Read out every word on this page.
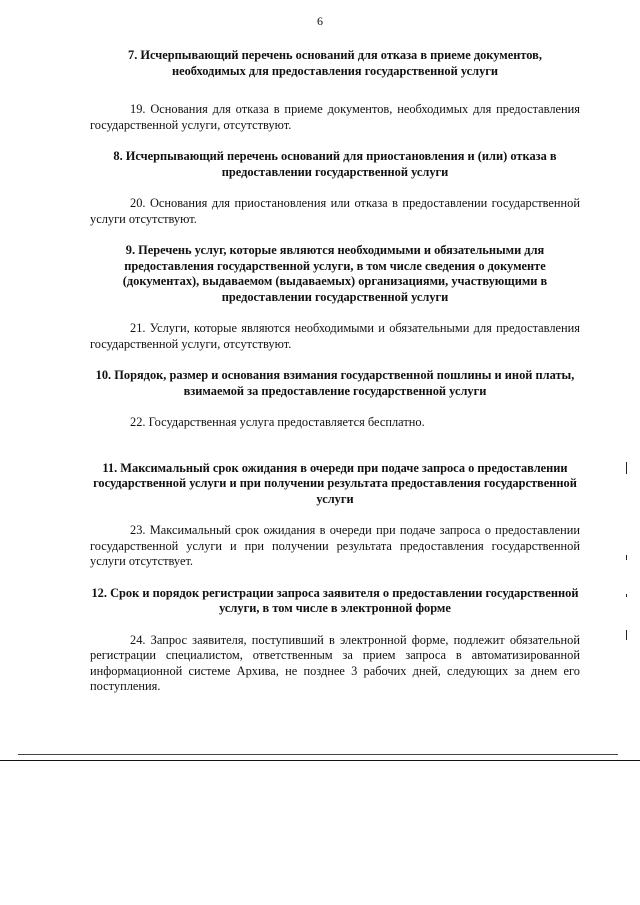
6

7. Исчерпывающий перечень оснований для отказа в приеме документов, необходимых для предоставления государственной услуги

19. Основания для отказа в приеме документов, необходимых для предоставления государственной услуги, отсутствуют.

8. Исчерпывающий перечень оснований для приостановления и (или) отказа в предоставлении государственной услуги

20. Основания для приостановления или отказа в предоставлении государственной услуги отсутствуют.

9. Перечень услуг, которые являются необходимыми и обязательными для предоставления государственной услуги, в том числе сведения о документе (документах), выдаваемом (выдаваемых) организациями, участвующими в предоставлении государственной услуги

21. Услуги, которые являются необходимыми и обязательными для предоставления государственной услуги, отсутствуют.

10. Порядок, размер и основания взимания государственной пошлины и иной платы, взимаемой за предоставление государственной услуги

22. Государственная услуга предоставляется бесплатно.

11. Максимальный срок ожидания в очереди при подаче запроса о предоставлении государственной услуги и при получении результата предоставления государственной услуги

23. Максимальный срок ожидания в очереди при подаче запроса о предоставлении государственной услуги и при получении результата предоставления государственной услуги отсутствует.

12. Срок и порядок регистрации запроса заявителя о предоставлении государственной услуги, в том числе в электронной форме

24. Запрос заявителя, поступивший в электронной форме, подлежит обязательной регистрации специалистом, ответственным за прием запроса в автоматизированной информационной системе Архива, не позднее 3 рабочих дней, следующих за днем его поступления.
